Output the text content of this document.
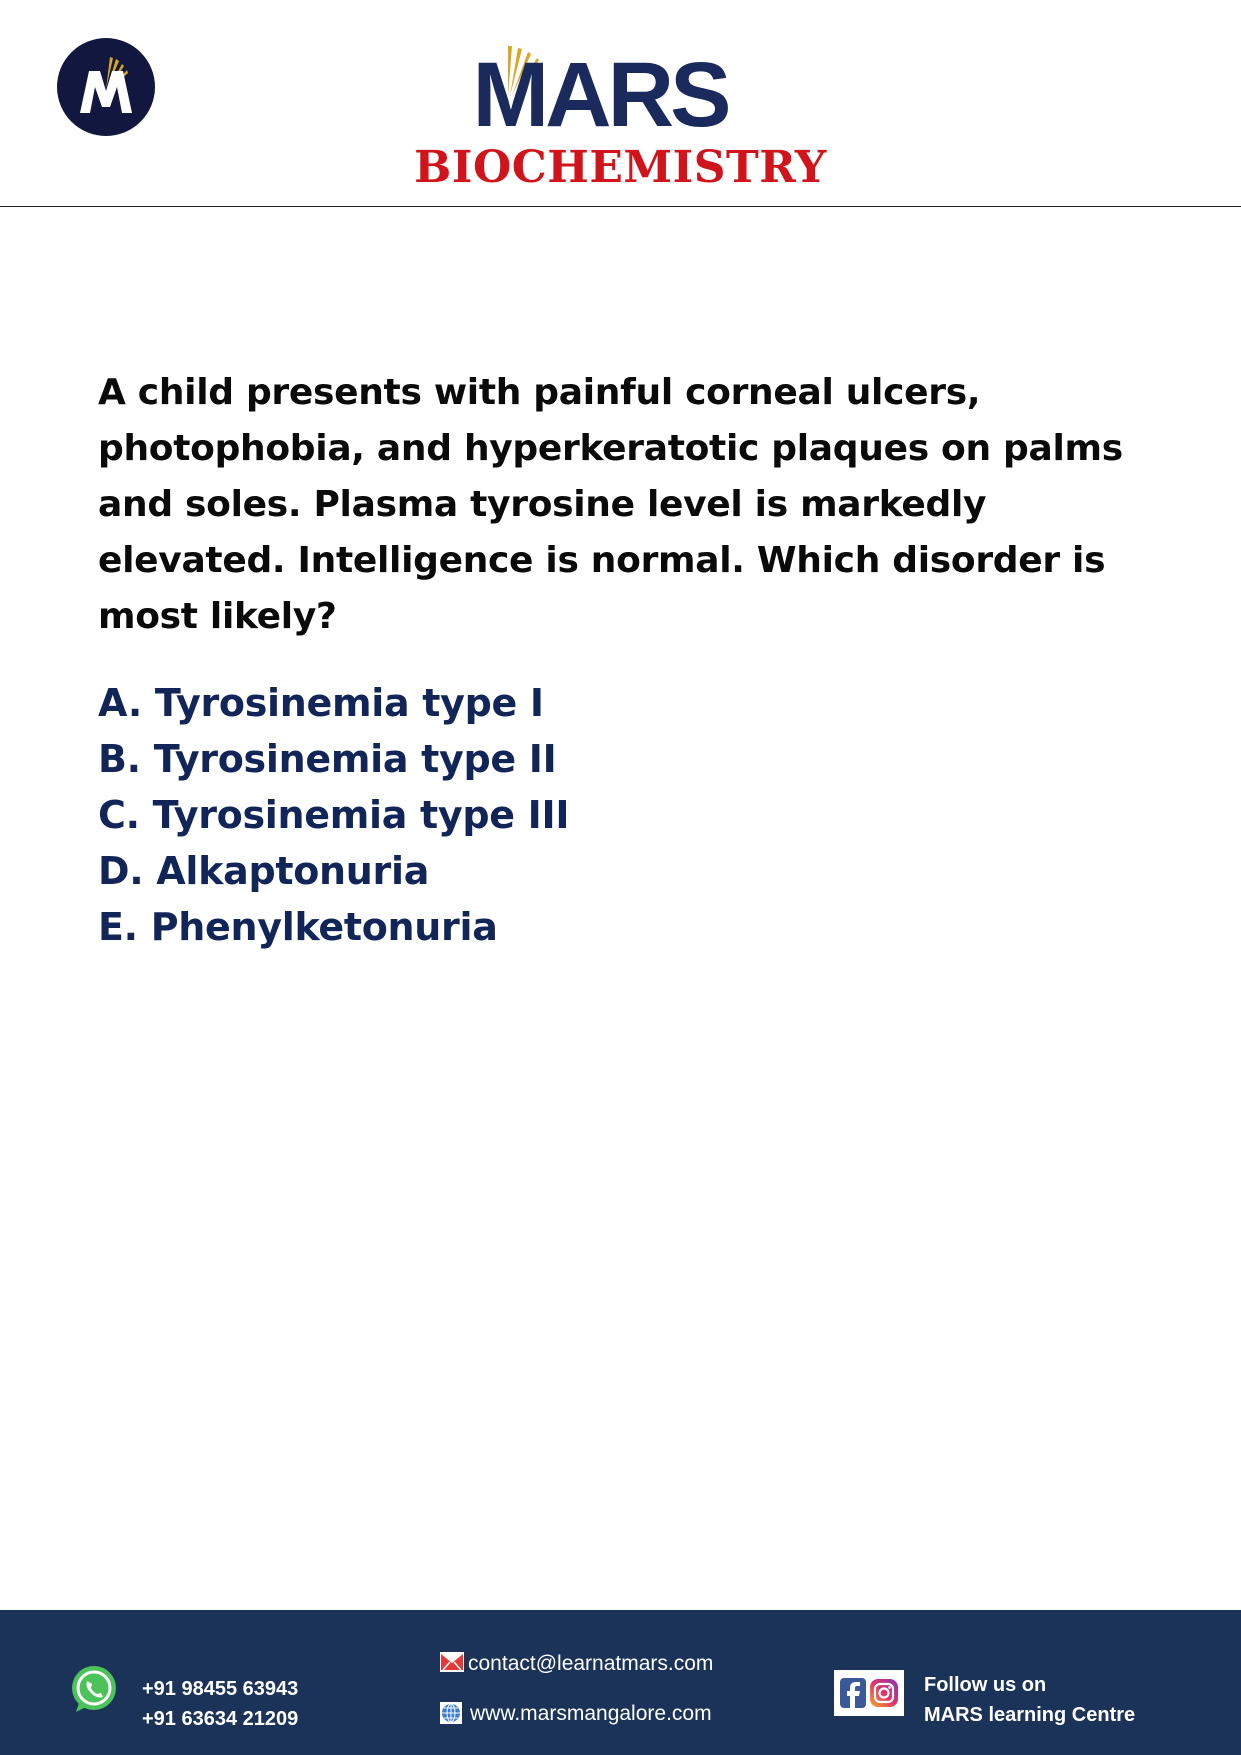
MARS
BIOCHEMISTRY
A child presents with painful corneal ulcers, photophobia, and hyperkeratotic plaques on palms and soles. Plasma tyrosine level is markedly elevated. Intelligence is normal. Which disorder is most likely?
A. Tyrosinemia type I
B. Tyrosinemia type II
C. Tyrosinemia type III
D. Alkaptonuria
E. Phenylketonuria
+91 98455 63943
+91 63634 21209
contact@learnatmars.com
www.marsmangalore.com
Follow us on
MARS learning Centre
